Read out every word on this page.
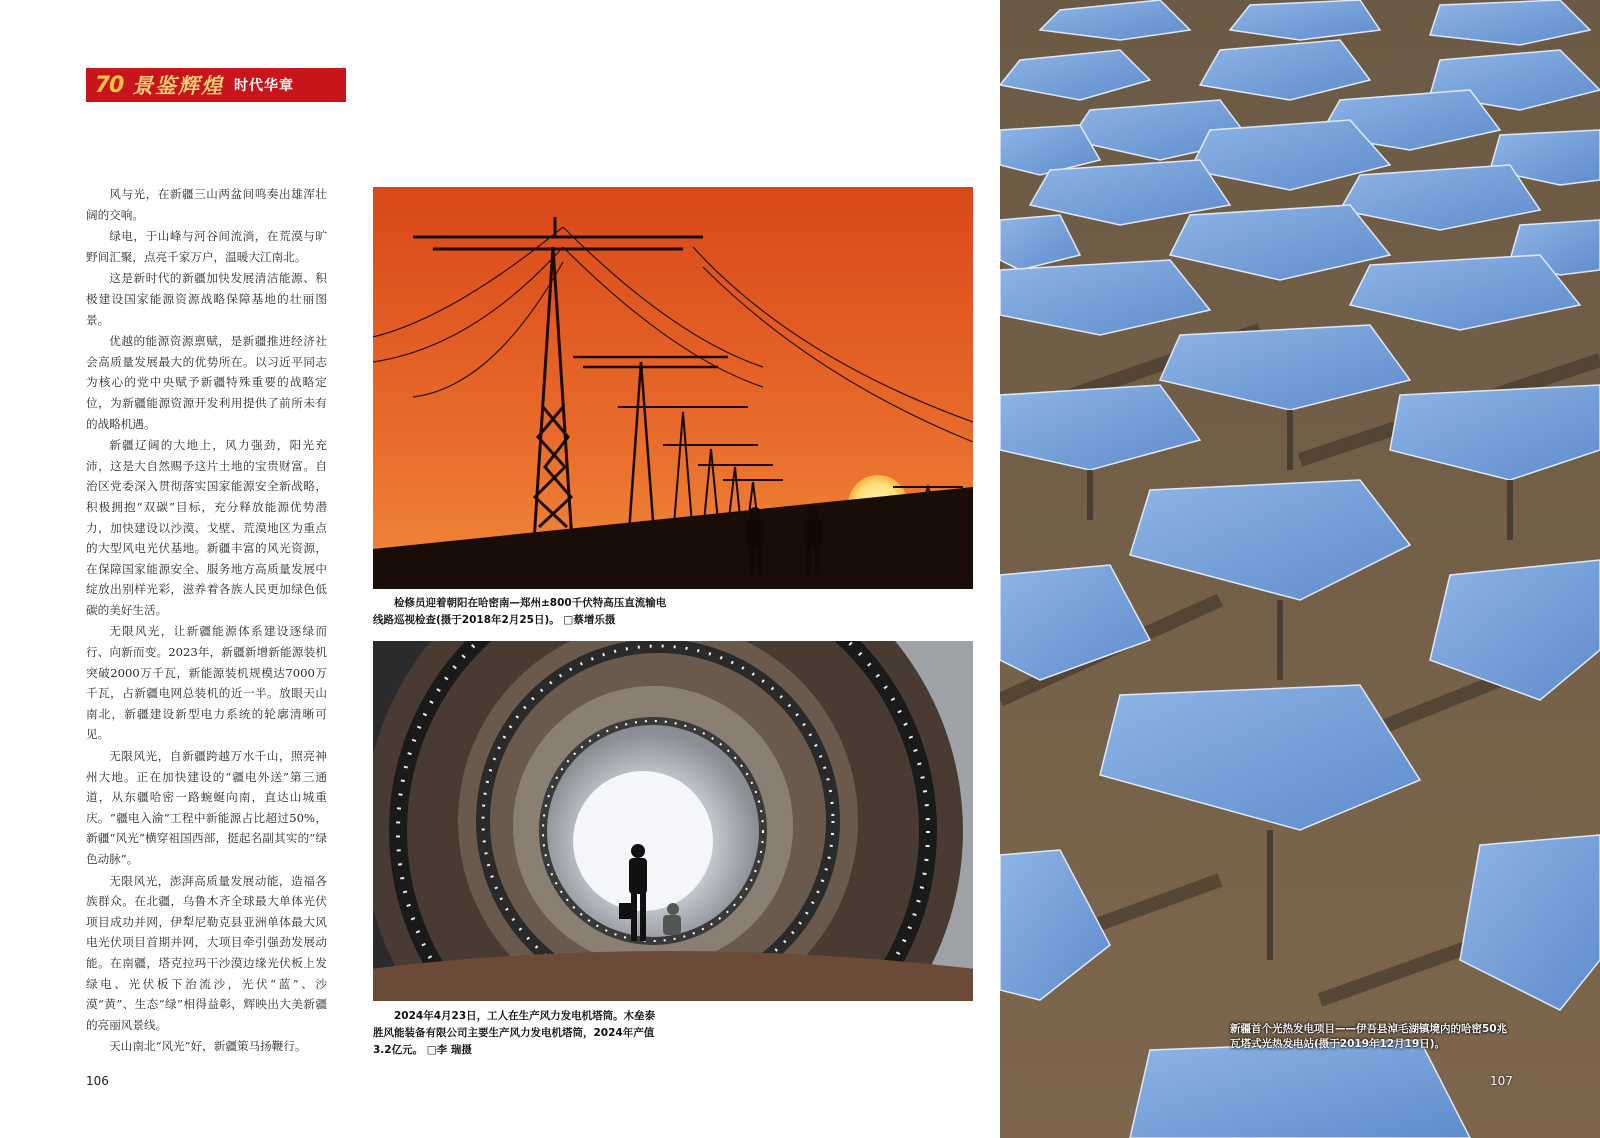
70 景鉴辉煌 时代华章

风与光，在新疆三山两盆间鸣奏出雄浑壮阔的交响。

绿电，于山峰与河谷间流淌，在荒漠与旷野间汇聚，点亮千家万户，温暖大江南北。

这是新时代的新疆加快发展清洁能源、积极建设国家能源资源战略保障基地的壮丽图景。

优越的能源资源禀赋，是新疆推进经济社会高质量发展最大的优势所在。以习近平同志为核心的党中央赋予新疆特殊重要的战略定位，为新疆能源资源开发利用提供了前所未有的战略机遇。

新疆辽阔的大地上，风力强劲，阳光充沛，这是大自然赐予这片土地的宝贵财富。自治区党委深入贯彻落实国家能源安全新战略，积极拥抱“双碳”目标，充分释放能源优势潜力，加快建设以沙漠、戈壁、荒漠地区为重点的大型风电光伏基地。新疆丰富的风光资源，在保障国家能源安全、服务地方高质量发展中绽放出别样光彩，滋养着各族人民更加绿色低碳的美好生活。

无限风光，让新疆能源体系建设逐绿而行、向新而变。2023年，新疆新增新能源装机突破2000万千瓦，新能源装机规模达7000万千瓦，占新疆电网总装机的近一半。放眼天山南北，新疆建设新型电力系统的轮廓清晰可见。

无限风光，自新疆跨越万水千山，照亮神州大地。正在加快建设的“疆电外送”第三通道，从东疆哈密一路蜿蜒向南，直达山城重庆。“疆电入渝”工程中新能源占比超过50%，新疆“风光”横穿祖国西部，挺起名副其实的“绿色动脉”。

无限风光，澎湃高质量发展动能，造福各族群众。在北疆，乌鲁木齐全球最大单体光伏项目成功并网，伊犁尼勒克县亚洲单体最大风电光伏项目首期并网，大项目牵引强劲发展动能。在南疆，塔克拉玛干沙漠边缘光伏板上发绿电、光伏板下治流沙，光伏“蓝”、沙漠“黄”、生态“绿”相得益彰，辉映出大美新疆的亮丽风景线。

天山南北“风光”好，新疆策马扬鞭行。

检修员迎着朝阳在哈密南—郑州±800千伏特高压直流输电线路巡视检查(摄于2018年2月25日)。 □蔡增乐摄
2024年4月23日，工人在生产风力发电机塔筒。木垒泰胜风能装备有限公司主要生产风力发电机塔筒，2024年产值3.2亿元。 □李 瑞摄
新疆首个光热发电项目——伊吾县淖毛湖镇境内的哈密50兆瓦塔式光热发电站(摄于2019年12月19日)。
106	107
